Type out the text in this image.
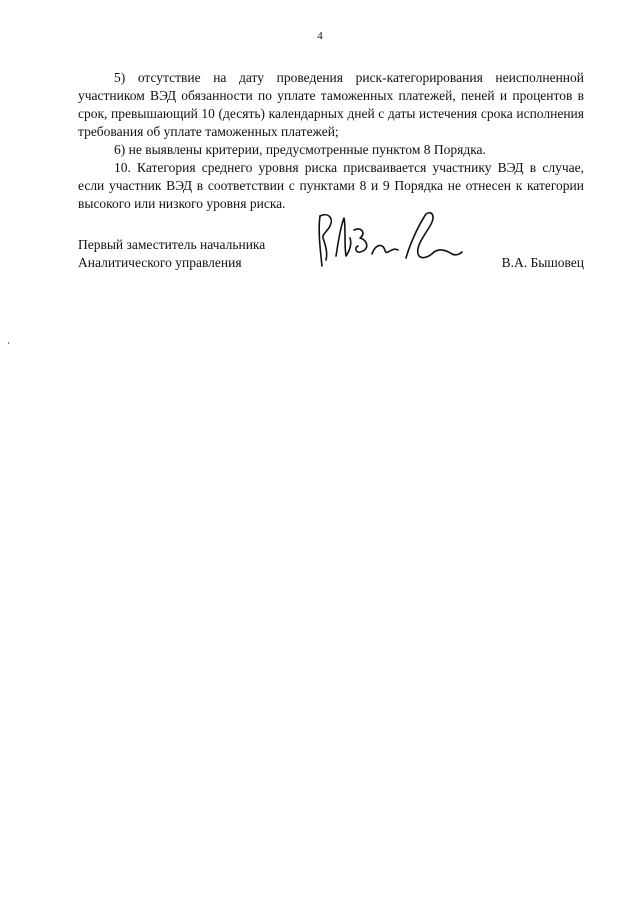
4

5) отсутствие на дату проведения риск-категорирования неисполненной участником ВЭД обязанности по уплате таможенных платежей, пеней и процентов в срок, превышающий 10 (десять) календарных дней с даты истечения срока исполнения требования об уплате таможенных платежей;

6) не выявлены критерии, предусмотренные пунктом 8 Порядка.

10. Категория среднего уровня риска присваивается участнику ВЭД в случае, если участник ВЭД в соответствии с пунктами 8 и 9 Порядка не отнесен к категории высокого или низкого уровня риска.

Первый заместитель начальника
Аналитического управления	В.А. Бышовец
